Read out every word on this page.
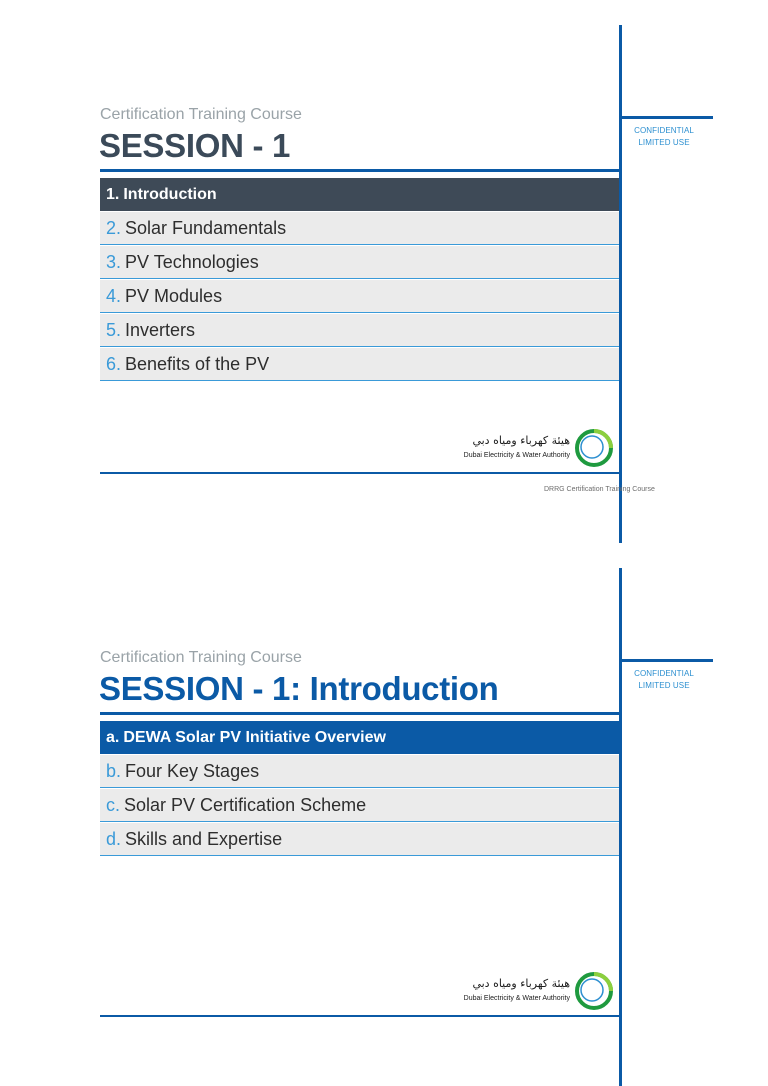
CONFIDENTIAL
LIMITED USE
Certification Training Course
SESSION - 1
1. Introduction
2. Solar Fundamentals
3. PV Technologies
4. PV Modules
5. Inverters
6. Benefits of the PV
هيئة كهرباء ومياه دبي
Dubai Electricity & Water Authority
DRRG Certification Training Course
CONFIDENTIAL
LIMITED USE
Certification Training Course
SESSION - 1: Introduction
a. DEWA Solar PV Initiative Overview
b. Four Key Stages
c. Solar PV Certification Scheme
d. Skills and Expertise
هيئة كهرباء ومياه دبي
Dubai Electricity & Water Authority
